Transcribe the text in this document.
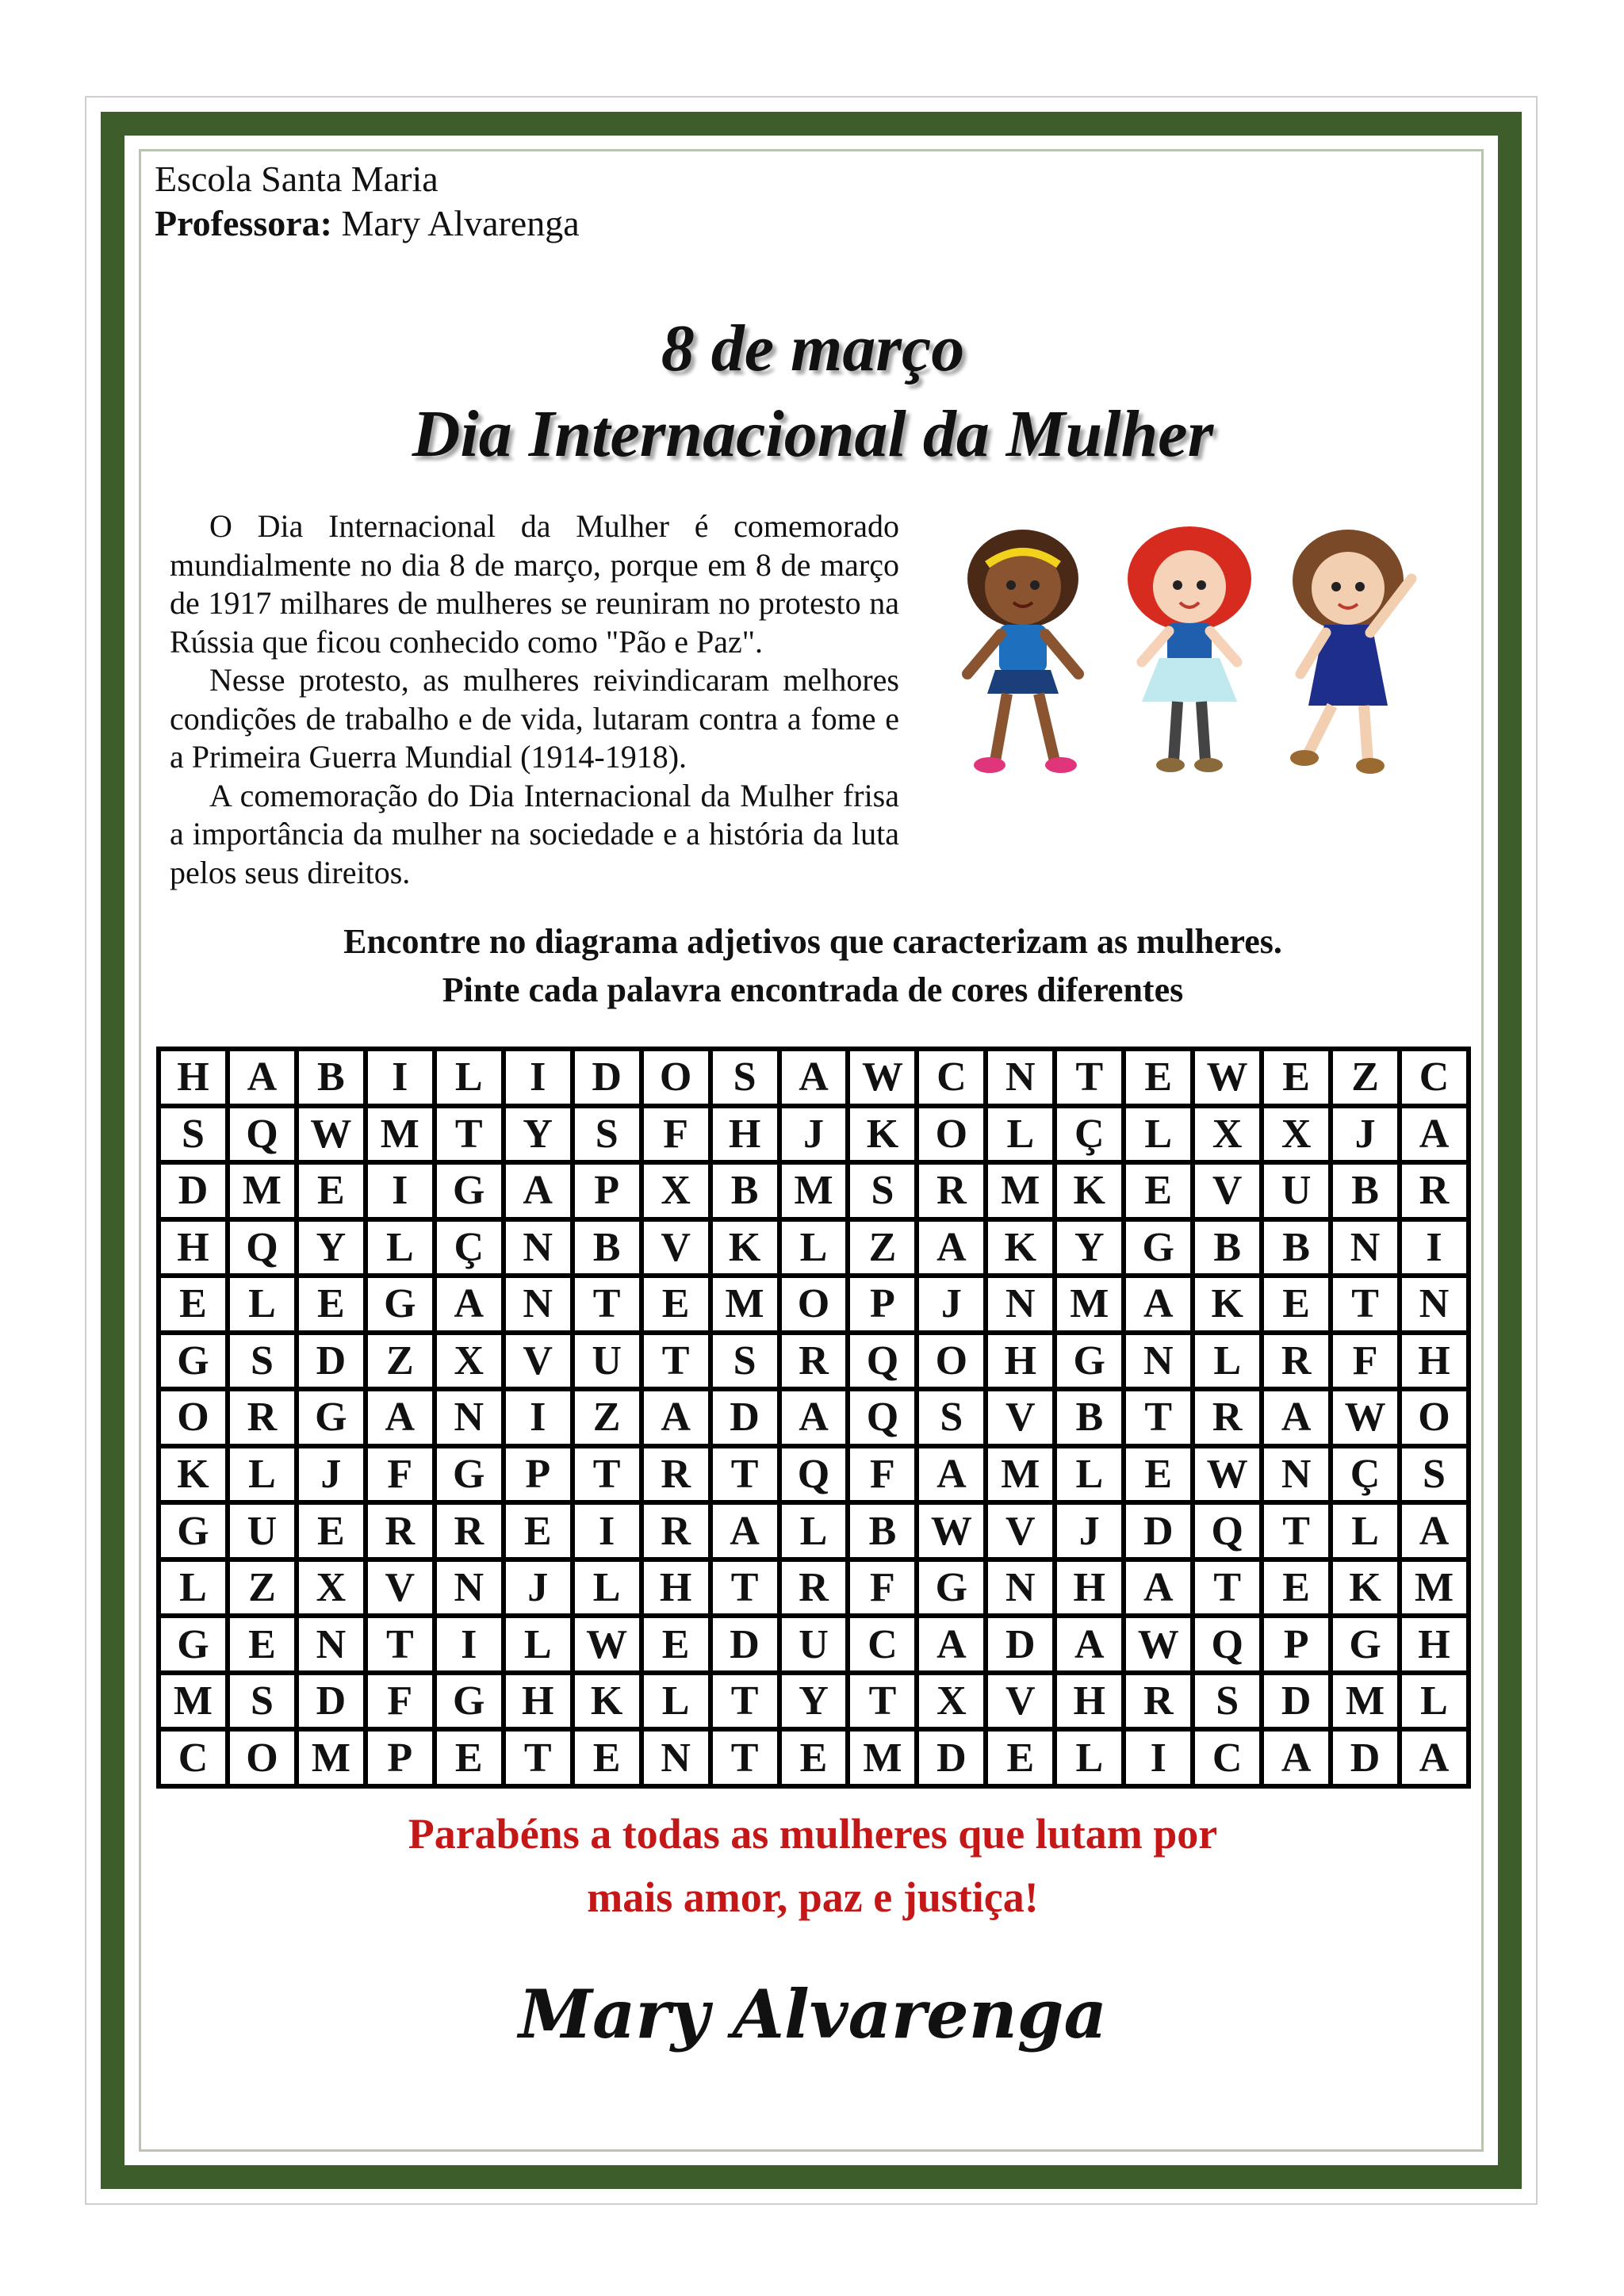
Escola Santa Maria
Professora: Mary Alvarenga
8 de março
Dia Internacional da Mulher

O Dia Internacional da Mulher é comemorado mundialmente no dia 8 de março, porque em 8 de março de 1917 milhares de mulheres se reuniram no protesto na Rússia que ficou conhecido como "Pão e Paz".

Nesse protesto, as mulheres reivindicaram melhores condições de trabalho e de vida, lutaram contra a fome e a Primeira Guerra Mundial (1914-1918).

A comemoração do Dia Internacional da Mulher frisa a importância da mulher na sociedade e a história da luta pelos seus direitos.

Encontre no diagrama adjetivos que caracterizam as mulheres.
Pinte cada palavra encontrada de cores diferentes
H A B	I	L	I	D O	S	A W C N T	E W E	Z C
S	Q W M T Y	S	F H	J	K O L Ç L X X	J	A
D M E	I	G A	P	X B M S	R M K E V U B R
H Q Y L Ç N B V K L	Z A K Y G B	B N	I
E	L	E G A N T	E M O P	J	N M A K E	T N
G	S	D Z X V U T	S	R Q O H G N L R	F H
O R G A N	I	Z A D A Q	S	V B	T R A W O
K L	J	F G P	T R T Q F	A M L	E W N Ç	S
G U E R R E	I	R A L	B W V	J	D Q T	L A
L	Z X V N	J	L H T R	F G N H A T	E K M
G E N T	I	L W E D U C A D A W Q P G H
M S	D	F G H K L	T Y T X V H R	S	D M L
C O M P	E	T	E N T	E M D E	L	I	C A D A
Parabéns a todas as mulheres que lutam por
mais amor, paz e justiça!
Mary Alvarenga
